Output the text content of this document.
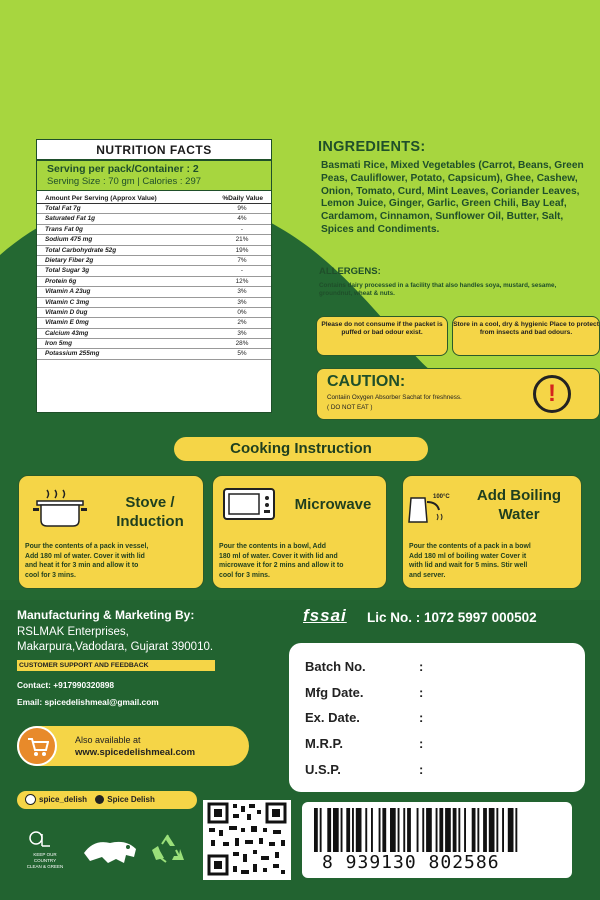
NUTRITION FACTS
Serving per pack/Container : 2
Serving Size : 70 gm | Calories : 297
Amount Per Serving (Approx Value)	%Daily Value
Total Fat 7g	9%
Saturated Fat 1g	4%
Trans Fat 0g	-
Sodium 475 mg	21%
Total Carbohydrate 52g	19%
Dietary Fiber 2g	7%
Total Sugar 3g	-
Protein 6g	12%
Vitamin A 23ug	3%
Vitamin C 3mg	3%
Vitamin D 0ug	0%
Vitamin E 0mg	2%
Calcium 43mg	3%
Iron 5mg	28%
Potassium 255mg	5%
INGREDIENTS:
Basmati Rice, Mixed Vegetables (Carrot, Beans, Green Peas, Cauliflower, Potato, Capsicum), Ghee, Cashew, Onion, Tomato, Curd, Mint Leaves, Coriander Leaves, Lemon Juice, Ginger, Garlic, Green Chili, Bay Leaf, Cardamom, Cinnamon, Sunflower Oil, Butter, Salt, Spices and Condiments.
ALLERGENS:
Contains dairy processed in a facility that also handles soya, mustard, sesame, groundnut, wheat & nuts.
Please do not consume if the packet is puffed or bad odour exist.
Store in a cool, dry & hygienic Place to protect from insects and bad odours.
CAUTION:
Contaiin Oxygen Absorber Sachat for freshness.
( DO NOT EAT )
!
Cooking Instruction
Stove /
Induction
Pour the contents of a pack in vessel,
Add 180 ml of water. Cover it with lid
and heat it for 3 min and allow it to
cool for 3 mins.
Microwave
Pour the contents in a bowl, Add
180 ml of water. Cover it with lid and
microwave it for 2 mins and allow it to
cool for 3 mins.
100°C	Add Boiling
Water
Pour the contents of a pack in a bowl
Add 180 ml of boiling water Cover it
with lid and wait for 5 mins. Stir well
and server.
Manufacturing & Marketing By:
RSLMAK Enterprises,
Makarpura,Vadodara, Gujarat 390010.
CUSTOMER SUPPORT AND FEEDBACK
Contact: +917990320898
Email: spicedelishmeal@gmail.com
Also available at
www.spicedelishmeal.com
spice_delish	Spice Delish
KEEP OUR
COUNTRY
CLEAN & GREEN
fssai Lic No. : 1072 5997 000502
Batch No.	:
Mfg Date.	:
Ex. Date.	:
M.R.P.	:
U.S.P.	:
8 939130 802586
